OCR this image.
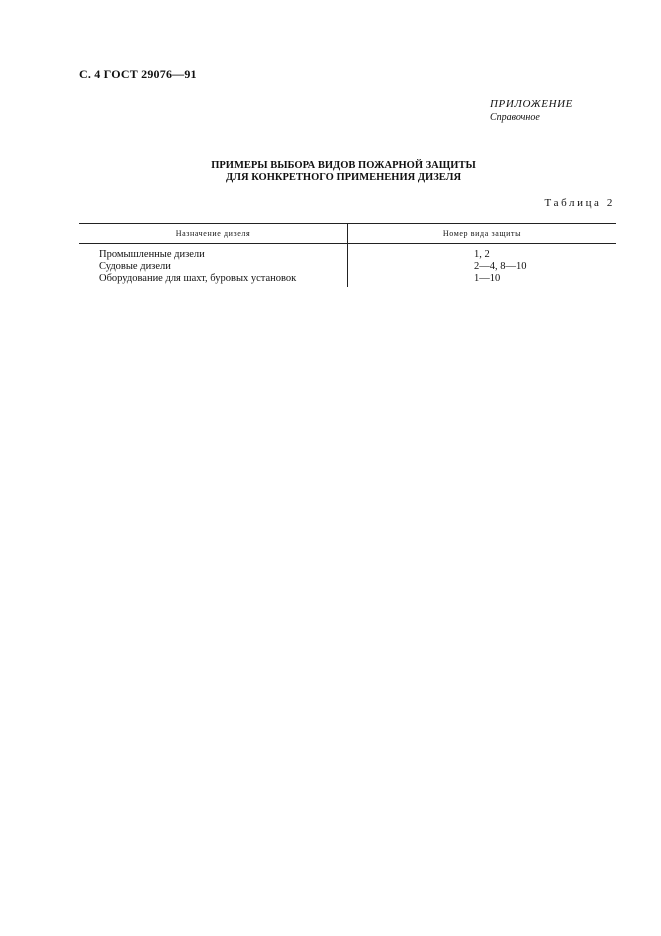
С. 4 ГОСТ 29076—91
ПРИЛОЖЕНИЕ
Справочное
ПРИМЕРЫ ВЫБОРА ВИДОВ ПОЖАРНОЙ ЗАЩИТЫ
ДЛЯ КОНКРЕТНОГО ПРИМЕНЕНИЯ ДИЗЕЛЯ
Таблица 2
Назначение дизеля	Номер вида защиты
Промышленные дизели	1, 2
Судовые дизели	2—4, 8—10
Оборудование для шахт, буровых установок	1—10
